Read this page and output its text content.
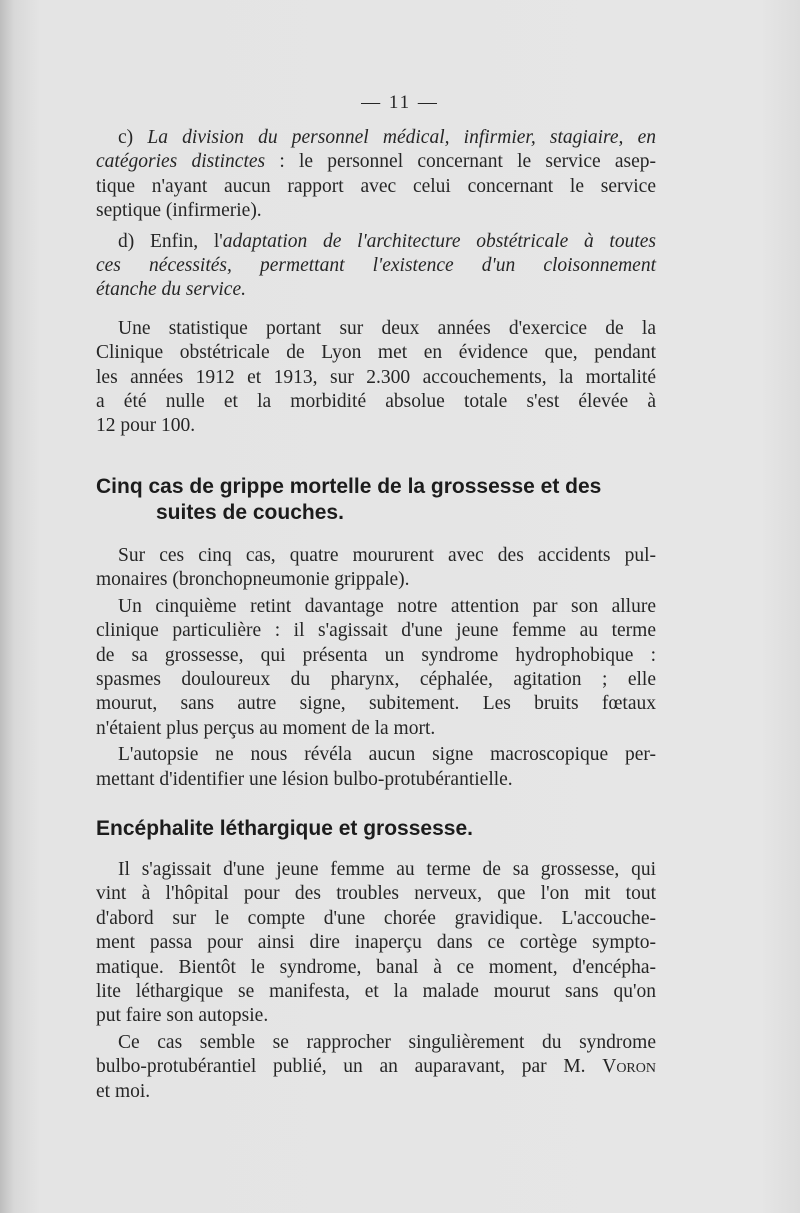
— 11 —
c) La division du personnel médical, infirmier, stagiaire, en
catégories distinctes : le personnel concernant le service asep-
tique n'ayant aucun rapport avec celui concernant le service
septique (infirmerie).
d) Enfin, l'adaptation de l'architecture obstétricale à toutes
ces nécessités, permettant l'existence d'un cloisonnement
étanche du service.
Une statistique portant sur deux années d'exercice de la
Clinique obstétricale de Lyon met en évidence que, pendant
les années 1912 et 1913, sur 2.300 accouchements, la mortalité
a été nulle et la morbidité absolue totale s'est élevée à
12 pour 100.
Cinq cas de grippe mortelle de la grossesse et des
suites de couches.
Sur ces cinq cas, quatre moururent avec des accidents pul-
monaires (bronchopneumonie grippale).
Un cinquième retint davantage notre attention par son allure
clinique particulière : il s'agissait d'une jeune femme au terme
de sa grossesse, qui présenta un syndrome hydrophobique :
spasmes douloureux du pharynx, céphalée, agitation ; elle
mourut, sans autre signe, subitement. Les bruits fœtaux
n'étaient plus perçus au moment de la mort.
L'autopsie ne nous révéla aucun signe macroscopique per-
mettant d'identifier une lésion bulbo-protubérantielle.
Encéphalite léthargique et grossesse.
Il s'agissait d'une jeune femme au terme de sa grossesse, qui
vint à l'hôpital pour des troubles nerveux, que l'on mit tout
d'abord sur le compte d'une chorée gravidique. L'accouche-
ment passa pour ainsi dire inaperçu dans ce cortège sympto-
matique. Bientôt le syndrome, banal à ce moment, d'encépha-
lite léthargique se manifesta, et la malade mourut sans qu'on
put faire son autopsie.
Ce cas semble se rapprocher singulièrement du syndrome
bulbo-protubérantiel publié, un an auparavant, par M. Voron
et moi.
